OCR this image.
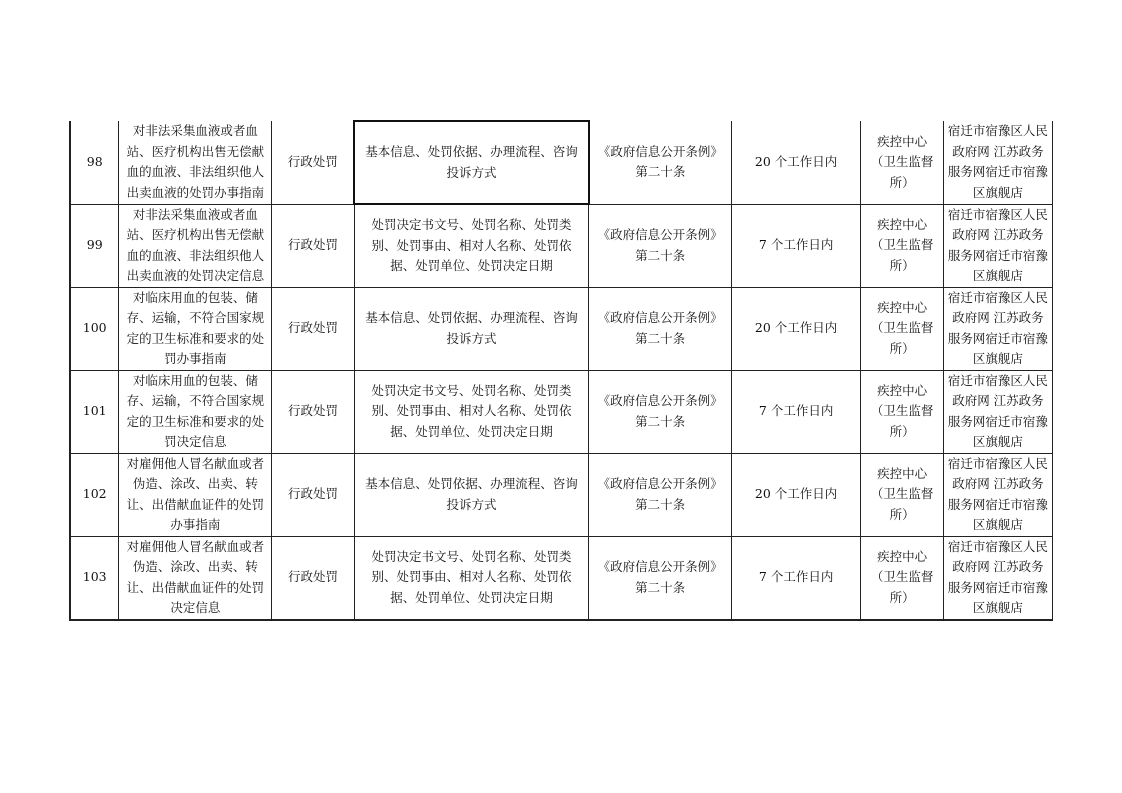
98	对非法采集血液或者血站、医疗机构出售无偿献血的血液、非法组织他人出卖血液的处罚办事指南	行政处罚	基本信息、处罚依据、办理流程、咨询投诉方式	《政府信息公开条例》第二十条	20 个工作日内	疾控中心（卫生监督所）	宿迁市宿豫区人民政府网 江苏政务服务网宿迁市宿豫区旗舰店
99	对非法采集血液或者血站、医疗机构出售无偿献血的血液、非法组织他人出卖血液的处罚决定信息	行政处罚	处罚决定书文号、处罚名称、处罚类别、处罚事由、相对人名称、处罚依据、处罚单位、处罚决定日期	《政府信息公开条例》第二十条	7 个工作日内	疾控中心（卫生监督所）	宿迁市宿豫区人民政府网 江苏政务服务网宿迁市宿豫区旗舰店
100	对临床用血的包装、储存、运输，不符合国家规定的卫生标准和要求的处罚办事指南	行政处罚	基本信息、处罚依据、办理流程、咨询投诉方式	《政府信息公开条例》第二十条	20 个工作日内	疾控中心（卫生监督所）	宿迁市宿豫区人民政府网 江苏政务服务网宿迁市宿豫区旗舰店
101	对临床用血的包装、储存、运输，不符合国家规定的卫生标准和要求的处罚决定信息	行政处罚	处罚决定书文号、处罚名称、处罚类别、处罚事由、相对人名称、处罚依据、处罚单位、处罚决定日期	《政府信息公开条例》第二十条	7 个工作日内	疾控中心（卫生监督所）	宿迁市宿豫区人民政府网 江苏政务服务网宿迁市宿豫区旗舰店
102	对雇佣他人冒名献血或者伪造、涂改、出卖、转让、出借献血证件的处罚办事指南	行政处罚	基本信息、处罚依据、办理流程、咨询投诉方式	《政府信息公开条例》第二十条	20 个工作日内	疾控中心（卫生监督所）	宿迁市宿豫区人民政府网 江苏政务服务网宿迁市宿豫区旗舰店
103	对雇佣他人冒名献血或者伪造、涂改、出卖、转让、出借献血证件的处罚决定信息	行政处罚	处罚决定书文号、处罚名称、处罚类别、处罚事由、相对人名称、处罚依据、处罚单位、处罚决定日期	《政府信息公开条例》第二十条	7 个工作日内	疾控中心（卫生监督所）	宿迁市宿豫区人民政府网 江苏政务服务网宿迁市宿豫区旗舰店
